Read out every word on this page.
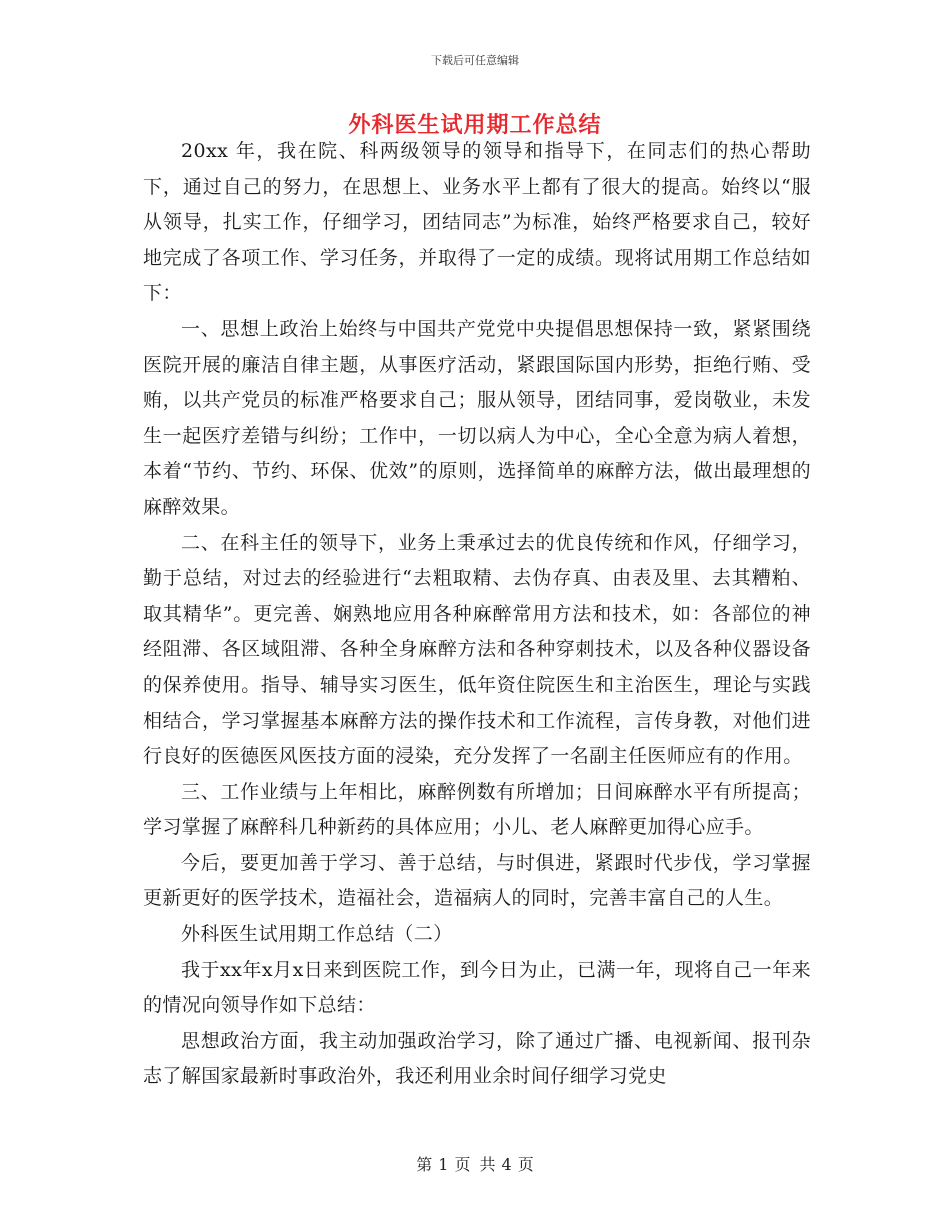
下载后可任意编辑
外科医生试用期工作总结

20xx 年，我在院、科两级领导的领导和指导下，在同志们的热心帮助下，通过自己的努力，在思想上、业务水平上都有了很大的提高。始终以“服从领导，扎实工作，仔细学习，团结同志”为标准，始终严格要求自己，较好地完成了各项工作、学习任务，并取得了一定的成绩。现将试用期工作总结如下：

一、思想上政治上始终与中国共产党党中央提倡思想保持一致，紧紧围绕医院开展的廉洁自律主题，从事医疗活动，紧跟国际国内形势，拒绝行贿、受贿，以共产党员的标准严格要求自己；服从领导，团结同事，爱岗敬业，未发生一起医疗差错与纠纷；工作中，一切以病人为中心，全心全意为病人着想，本着“节约、节约、环保、优效”的原则，选择简单的麻醉方法，做出最理想的麻醉效果。

二、在科主任的领导下，业务上秉承过去的优良传统和作风，仔细学习，勤于总结，对过去的经验进行“去粗取精、去伪存真、由表及里、去其糟粕、取其精华”。更完善、娴熟地应用各种麻醉常用方法和技术，如：各部位的神经阻滞、各区域阻滞、各种全身麻醉方法和各种穿刺技术，以及各种仪器设备的保养使用。指导、辅导实习医生，低年资住院医生和主治医生，理论与实践相结合，学习掌握基本麻醉方法的操作技术和工作流程，言传身教，对他们进行良好的医德医风医技方面的浸染，充分发挥了一名副主任医师应有的作用。

三、工作业绩与上年相比，麻醉例数有所增加；日间麻醉水平有所提高；学习掌握了麻醉科几种新药的具体应用；小儿、老人麻醉更加得心应手。

今后，要更加善于学习、善于总结，与时俱进，紧跟时代步伐，学习掌握更新更好的医学技术，造福社会，造福病人的同时，完善丰富自己的人生。

外科医生试用期工作总结（二）

我于xx年x月x日来到医院工作，到今日为止，已满一年，现将自己一年来的情况向领导作如下总结：

思想政治方面，我主动加强政治学习，除了通过广播、电视新闻、报刊杂志了解国家最新时事政治外，我还利用业余时间仔细学习党史

第 1 页 共 4 页
